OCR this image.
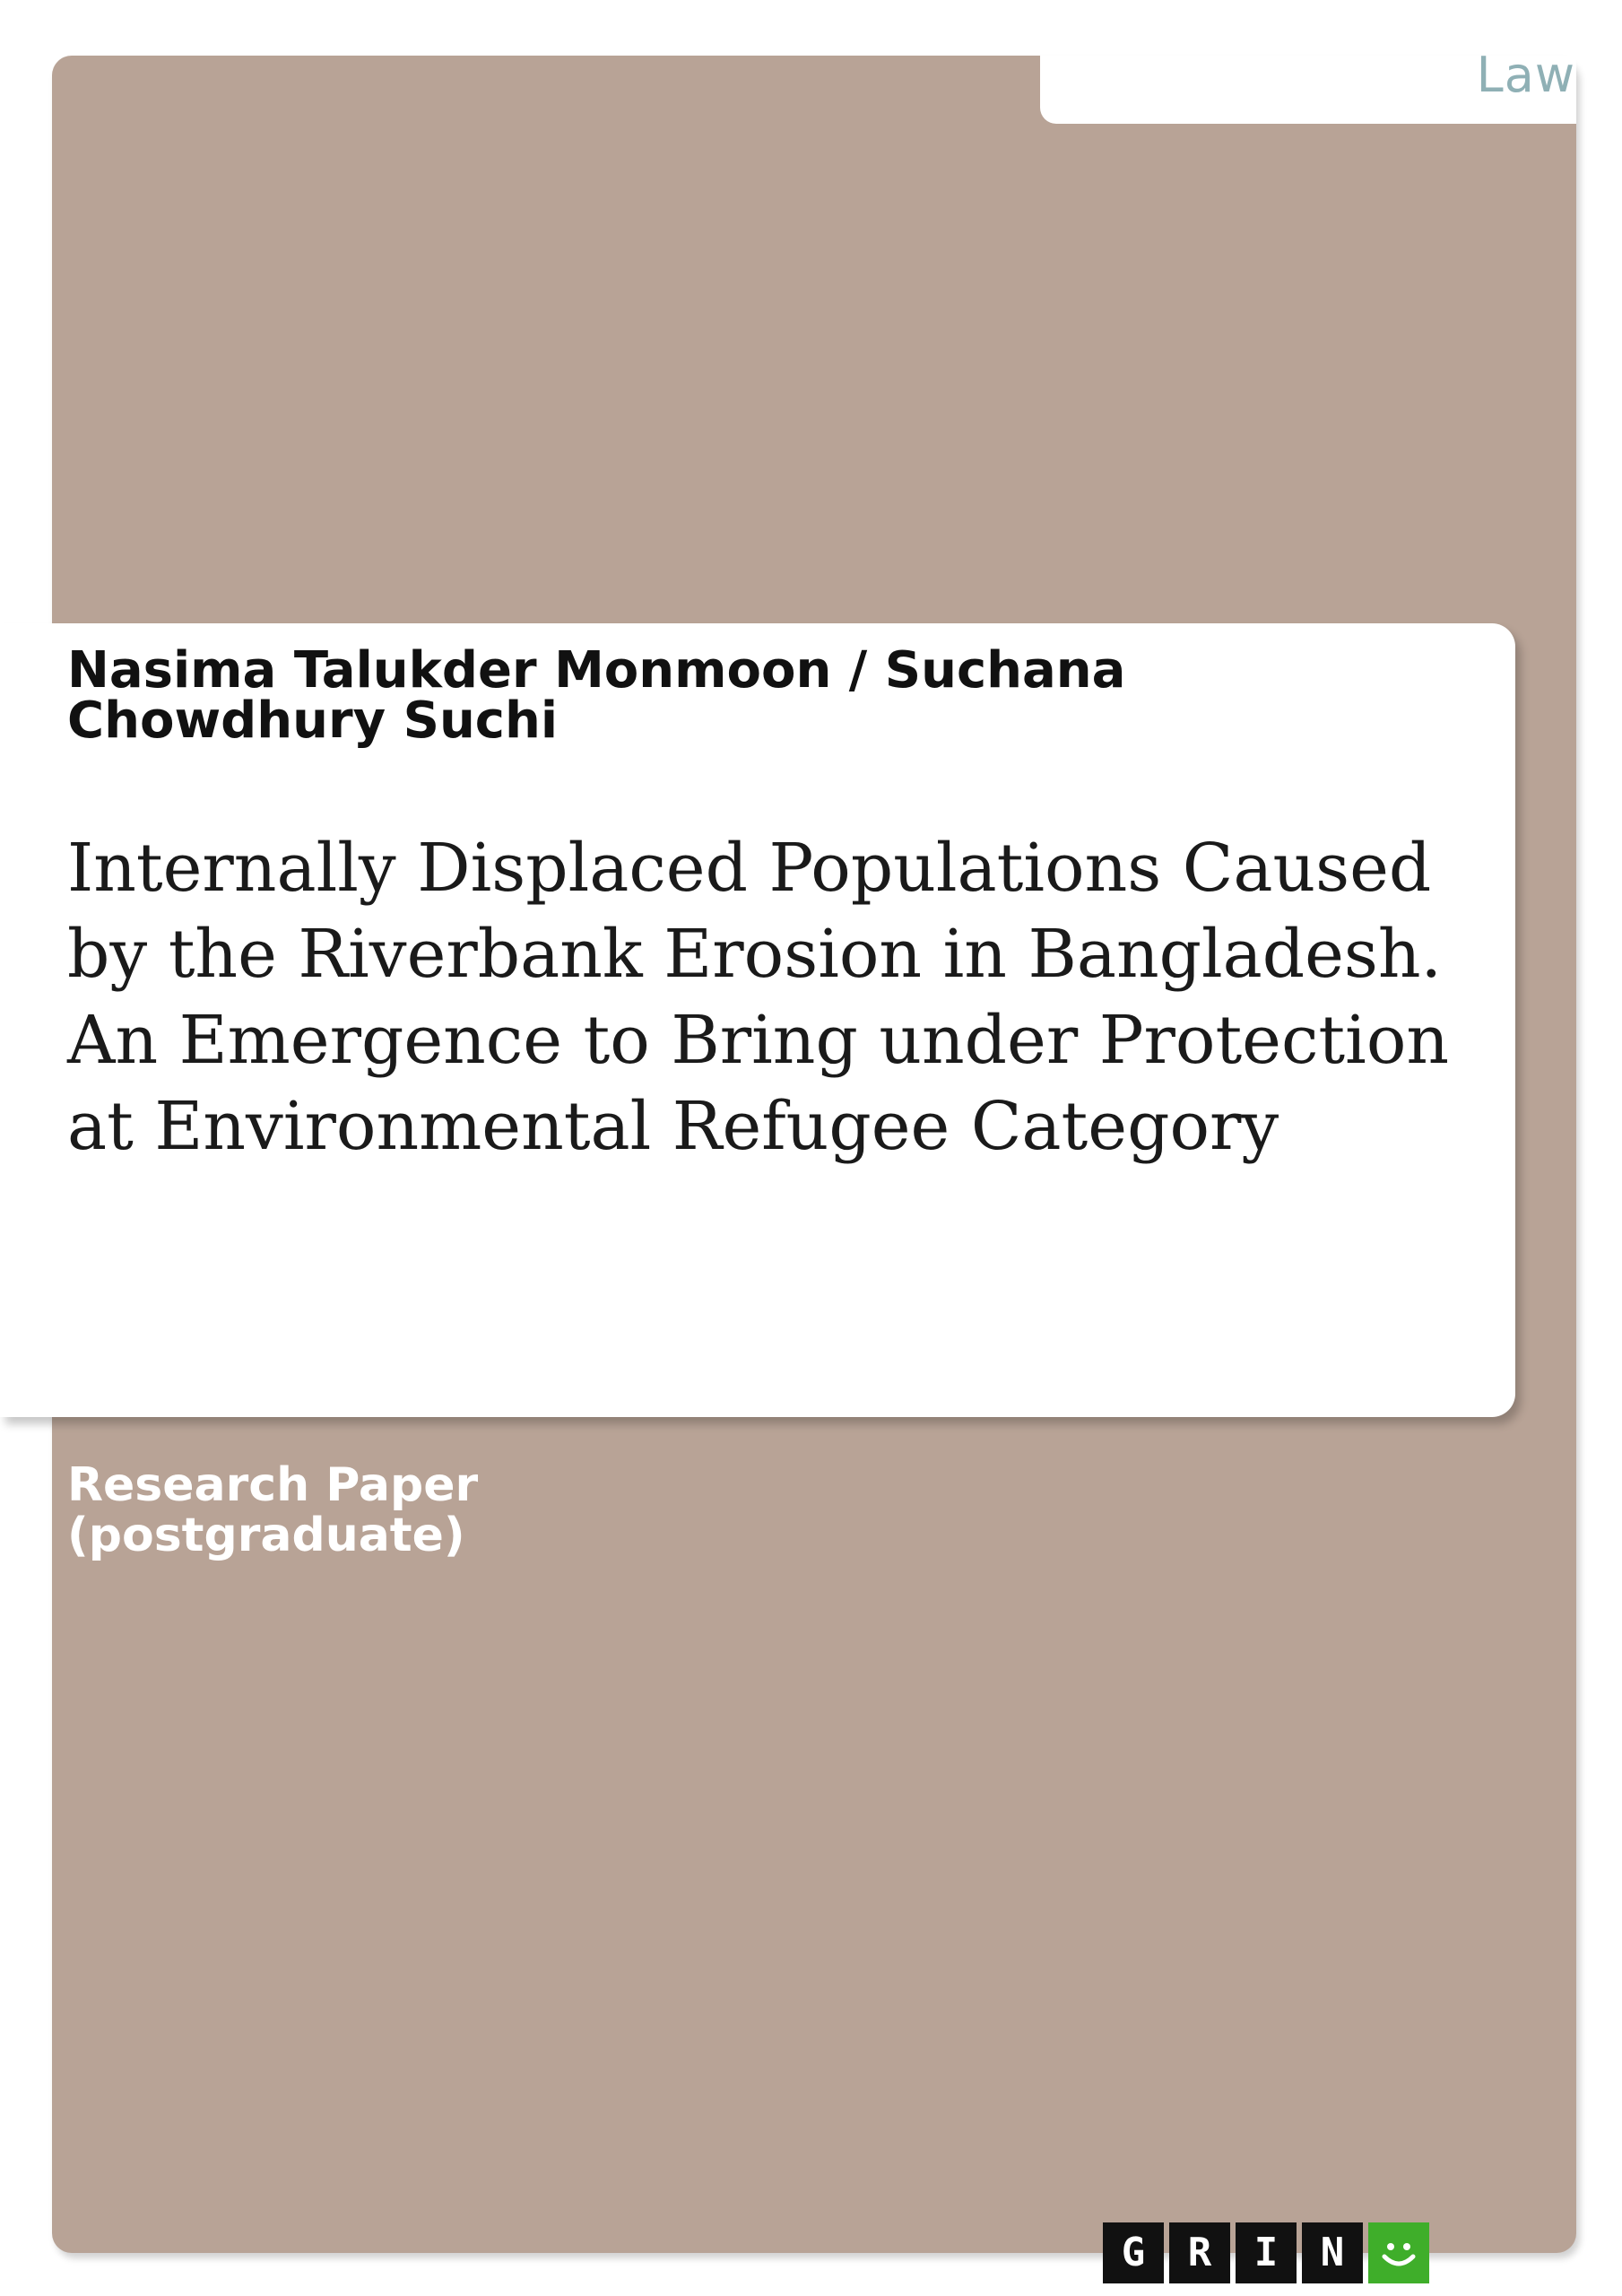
Law
Nasima Talukder Monmoon / Suchana Chowdhury Suchi
Internally Displaced Populations Caused by the Riverbank Erosion in Bangladesh. An Emergence to Bring under Protection at Environmental Refugee Category
Research Paper (postgraduate)
G	R	I	N
